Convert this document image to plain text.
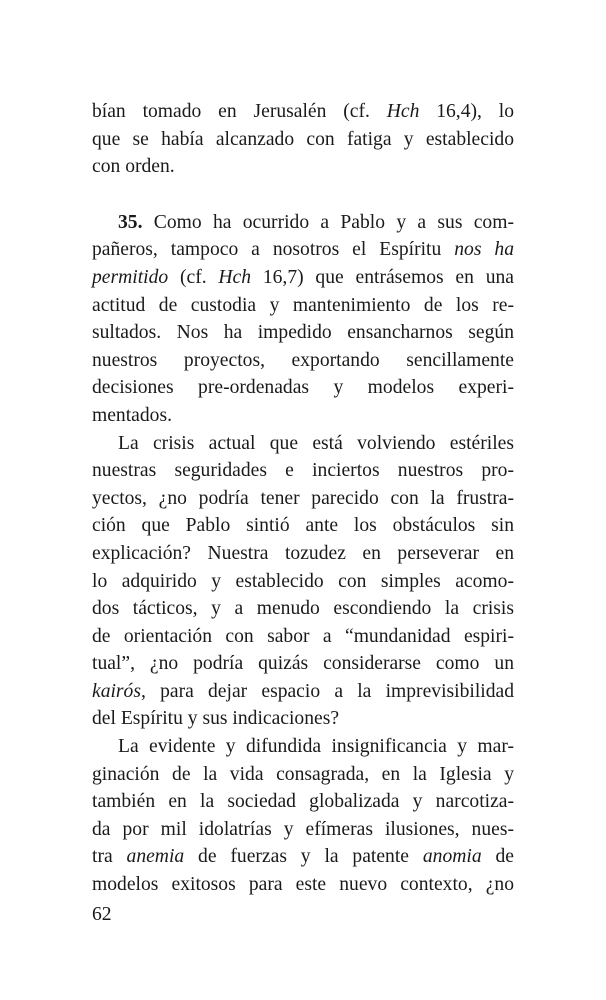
bían tomado en Jerusalén (cf. Hch 16,4), lo
que se había alcanzado con fatiga y establecido
con orden.

35. Como ha ocurrido a Pablo y a sus com-
pañeros, tampoco a nosotros el Espíritu nos ha
permitido (cf. Hch 16,7) que entrásemos en una
actitud de custodia y mantenimiento de los re-
sultados. Nos ha impedido ensancharnos según
nuestros proyectos, exportando sencillamente
decisiones pre-ordenadas y modelos experi-
mentados.

La crisis actual que está volviendo estériles
nuestras seguridades e inciertos nuestros pro-
yectos, ¿no podría tener parecido con la frustra-
ción que Pablo sintió ante los obstáculos sin
explicación? Nuestra tozudez en perseverar en
lo adquirido y establecido con simples acomo-
dos tácticos, y a menudo escondiendo la crisis
de orientación con sabor a “mundanidad espiri-
tual”, ¿no podría quizás considerarse como un
kairós, para dejar espacio a la imprevisibilidad
del Espíritu y sus indicaciones?

La evidente y difundida insignificancia y mar-
ginación de la vida consagrada, en la Iglesia y
también en la sociedad globalizada y narcotiza-
da por mil idolatrías y efímeras ilusiones, nues-
tra anemia de fuerzas y la patente anomia de
modelos exitosos para este nuevo contexto, ¿no

62
